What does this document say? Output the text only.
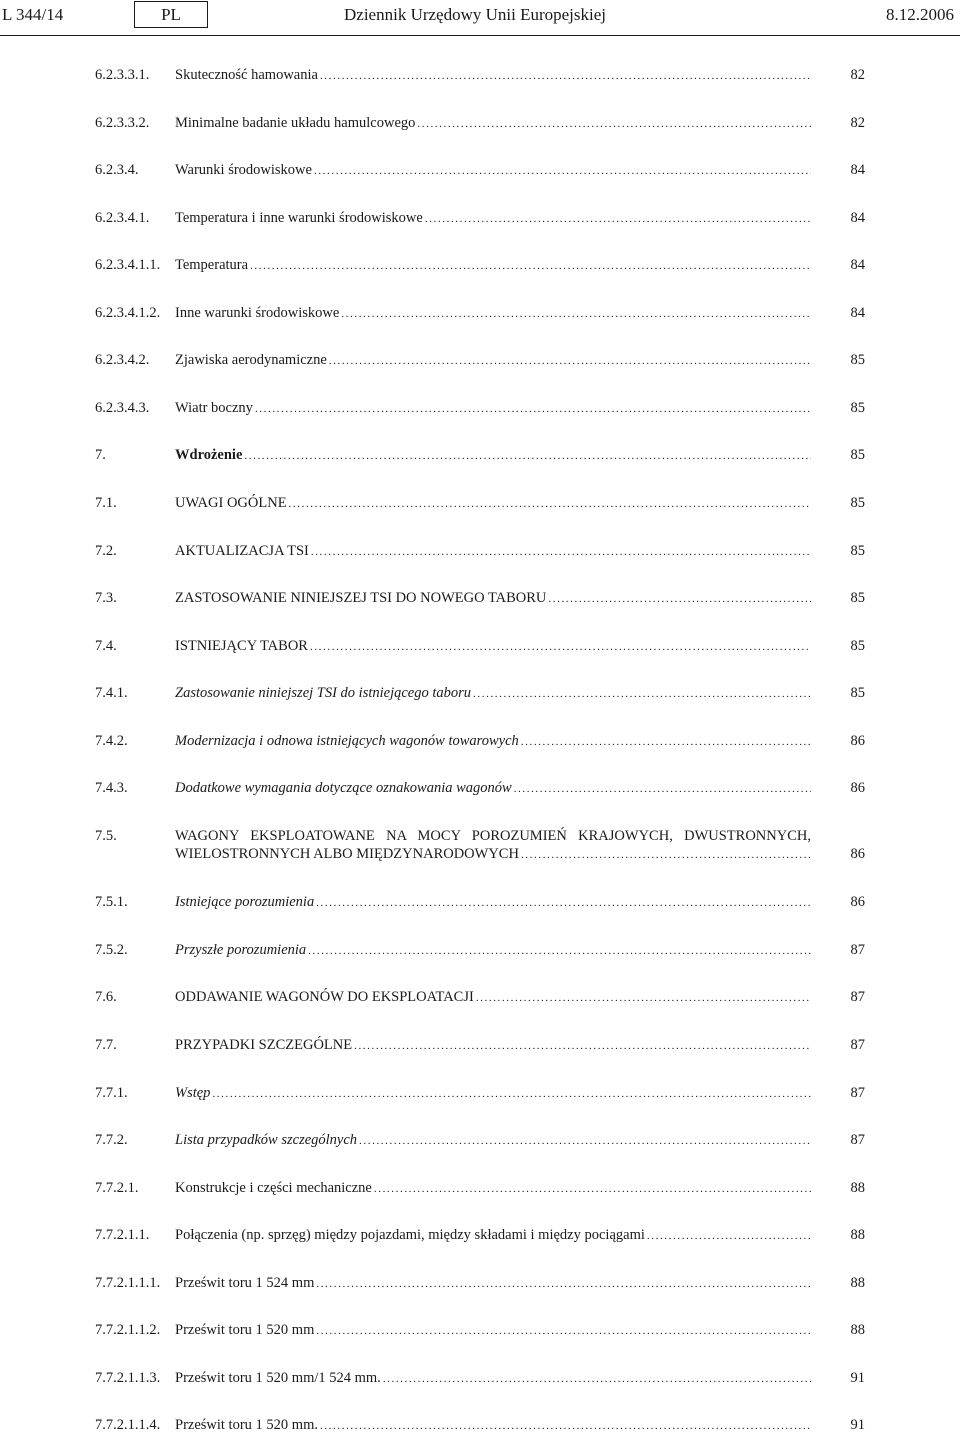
L 344/14	PL	Dziennik Urzędowy Unii Europejskiej	8.12.2006
6.2.3.3.1. Skuteczność hamowania .....	82
6.2.3.3.2. Minimalne badanie układu hamulcowego .....	82
6.2.3.4.	Warunki środowiskowe .....	84
6.2.3.4.1. Temperatura i inne warunki środowiskowe .....	84
6.2.3.4.1.1. Temperatura .....	84
6.2.3.4.1.2. Inne warunki środowiskowe .....	84
6.2.3.4.2. Zjawiska aerodynamiczne .....	85
6.2.3.4.3. Wiatr boczny .....	85
7.	Wdrożenie .....	85
7.1.	UWAGI OGÓLNE .....	85
7.2.	AKTUALIZACJA TSI .....	85
7.3.	ZASTOSOWANIE NINIEJSZEJ TSI DO NOWEGO TABORU .....	85
7.4.	ISTNIEJĄCY TABOR .....	85
7.4.1.	Zastosowanie niniejszej TSI do istniejącego taboru .....	85
7.4.2.	Modernizacja i odnowa istniejących wagonów towarowych .....	86
7.4.3.	Dodatkowe wymagania dotyczące oznakowania wagonów .....	86
7.5.	WAGONY EKSPLOATOWANE NA MOCY POROZUMIEŃ KRAJOWYCH, DWUSTRONNYCH,
WIELOSTRONNYCH ALBO MIĘDZYNARODOWYCH .....	86
7.5.1.	Istniejące porozumienia .....	86
7.5.2.	Przyszłe porozumienia .....	87
7.6.	ODDAWANIE WAGONÓW DO EKSPLOATACJI .....	87
7.7.	PRZYPADKI SZCZEGÓLNE .....	87
7.7.1.	Wstęp .....	87
7.7.2.	Lista przypadków szczególnych .....	87
7.7.2.1.	Konstrukcje i części mechaniczne .....	88
7.7.2.1.1. Połączenia (np. sprzęg) między pojazdami, między składami i między pociągami .....	88
7.7.2.1.1.1. Prześwit toru 1 524 mm .....	88
7.7.2.1.1.2. Prześwit toru 1 520 mm .....	88
7.7.2.1.1.3. Prześwit toru 1 520 mm/1 524 mm. .....	91
7.7.2.1.1.4. Prześwit toru 1 520 mm. .....	91
